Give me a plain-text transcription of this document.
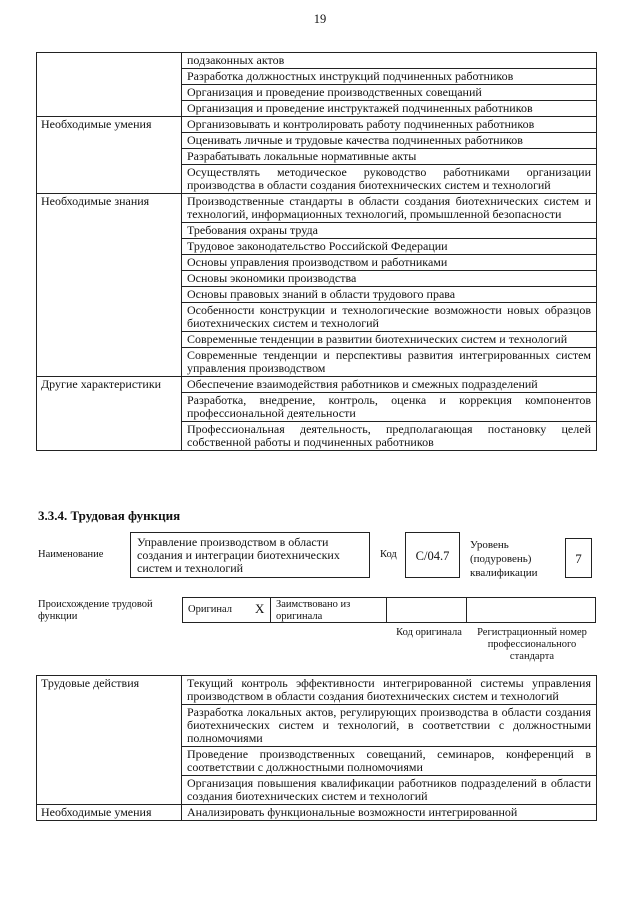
19
	подзаконных актов
	Разработка должностных инструкций подчиненных работников
	Организация и проведение производственных совещаний
	Организация и проведение инструктажей подчиненных работников
Необходимые умения	Организовывать и контролировать работу подчиненных работников
	Оценивать личные и трудовые качества подчиненных работников
	Разрабатывать локальные нормативные акты
	Осуществлять методическое руководство работниками организации производства в области создания биотехнических систем и технологий
Необходимые знания	Производственные стандарты в области создания биотехнических систем и технологий, информационных технологий, промышленной безопасности
	Требования охраны труда
	Трудовое законодательство Российской Федерации
	Основы управления производством и работниками
	Основы экономики производства
	Основы правовых знаний в области трудового права
	Особенности конструкции и технологические возможности новых образцов биотехнических систем и технологий
	Современные тенденции в развитии биотехнических систем и технологий
	Современные тенденции и перспективы развития интегрированных систем управления производством
Другие характеристики	Обеспечение взаимодействия работников и смежных подразделений
	Разработка, внедрение, контроль, оценка и коррекция компонентов профессиональной деятельности
	Профессиональная деятельность, предполагающая постановку целей собственной работы и подчиненных работников
3.3.4. Трудовая функция
Наименование
Управление производством в области создания и интеграции биотехнических систем и технологий
Код	C/04.7
Уровень (подуровень) квалификации
7
Происхождение трудовой функции
Оригинал X Заимствовано из оригинала
Код оригинала	Регистрационный номер профессионального стандарта
Трудовые действия	Текущий контроль эффективности интегрированной системы управления производством в области создания биотехнических систем и технологий
	Разработка локальных актов, регулирующих производства в области создания биотехнических систем и технологий, в соответствии с должностными полномочиями
	Проведение производственных совещаний, семинаров, конференций в соответствии с должностными полномочиями
	Организация повышения квалификации работников подразделений в области создания биотехнических систем и технологий
Необходимые умения	Анализировать функциональные возможности интегрированной
